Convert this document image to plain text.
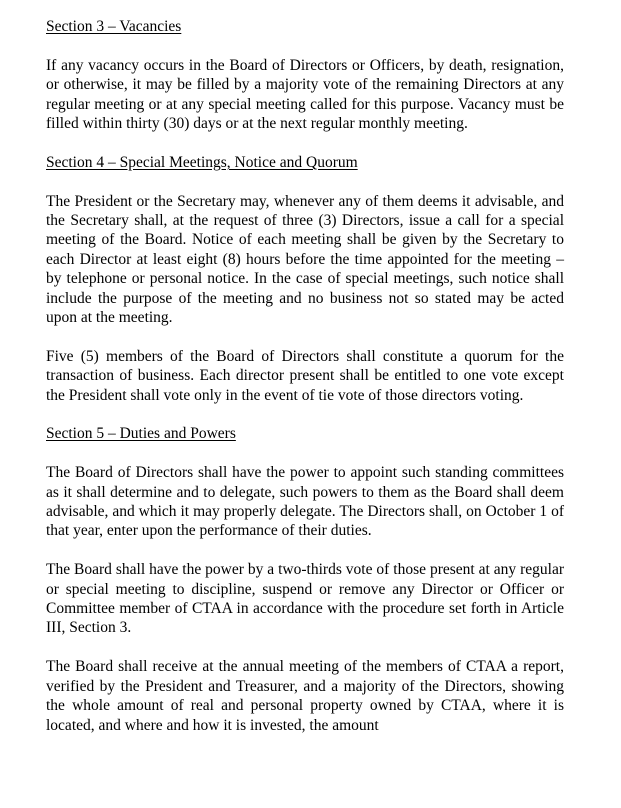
Section 3 – Vacancies

If any vacancy occurs in the Board of Directors or Officers, by death, resignation, or otherwise, it may be filled by a majority vote of the remaining Directors at any regular meeting or at any special meeting called for this purpose. Vacancy must be filled within thirty (30) days or at the next regular monthly meeting.

Section 4 – Special Meetings, Notice and Quorum

The President or the Secretary may, whenever any of them deems it advisable, and the Secretary shall, at the request of three (3) Directors, issue a call for a special meeting of the Board. Notice of each meeting shall be given by the Secretary to each Director at least eight (8) hours before the time appointed for the meeting – by telephone or personal notice. In the case of special meetings, such notice shall include the purpose of the meeting and no business not so stated may be acted upon at the meeting.

Five (5) members of the Board of Directors shall constitute a quorum for the transaction of business. Each director present shall be entitled to one vote except the President shall vote only in the event of tie vote of those directors voting.

Section 5 – Duties and Powers

The Board of Directors shall have the power to appoint such standing committees as it shall determine and to delegate, such powers to them as the Board shall deem advisable, and which it may properly delegate. The Directors shall, on October 1 of that year, enter upon the performance of their duties.

The Board shall have the power by a two-thirds vote of those present at any regular or special meeting to discipline, suspend or remove any Director or Officer or Committee member of CTAA in accordance with the procedure set forth in Article III, Section 3.

The Board shall receive at the annual meeting of the members of CTAA a report, verified by the President and Treasurer, and a majority of the Directors, showing the whole amount of real and personal property owned by CTAA, where it is located, and where and how it is invested, the amount
